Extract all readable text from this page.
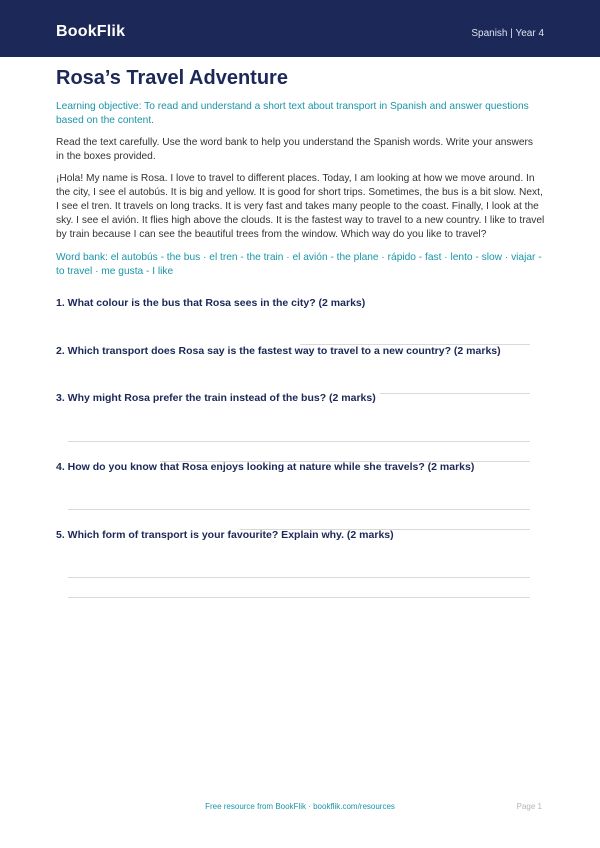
BookFlik	Spanish | Year 4
Rosa’s Travel Adventure
Learning objective: To read and understand a short text about transport in Spanish and answer questions based on the content.
Read the text carefully. Use the word bank to help you understand the Spanish words. Write your answers in the boxes provided.
¡Hola! My name is Rosa. I love to travel to different places. Today, I am looking at how we move around. In the city, I see el autobús. It is big and yellow. It is good for short trips. Sometimes, the bus is a bit slow. Next, I see el tren. It travels on long tracks. It is very fast and takes many people to the coast. Finally, I look at the sky. I see el avión. It flies high above the clouds. It is the fastest way to travel to a new country. I like to travel by train because I can see the beautiful trees from the window. Which way do you like to travel?
Word bank: el autobús - the bus · el tren - the train · el avión - the plane · rápido - fast · lento - slow · viajar - to travel · me gusta - I like
1. What colour is the bus that Rosa sees in the city? (2 marks)
2. Which transport does Rosa say is the fastest way to travel to a new country? (2 marks)
3. Why might Rosa prefer the train instead of the bus? (2 marks)
4. How do you know that Rosa enjoys looking at nature while she travels? (2 marks)
5. Which form of transport is your favourite? Explain why. (2 marks)
Free resource from BookFlik · bookflik.com/resources	Page 1
